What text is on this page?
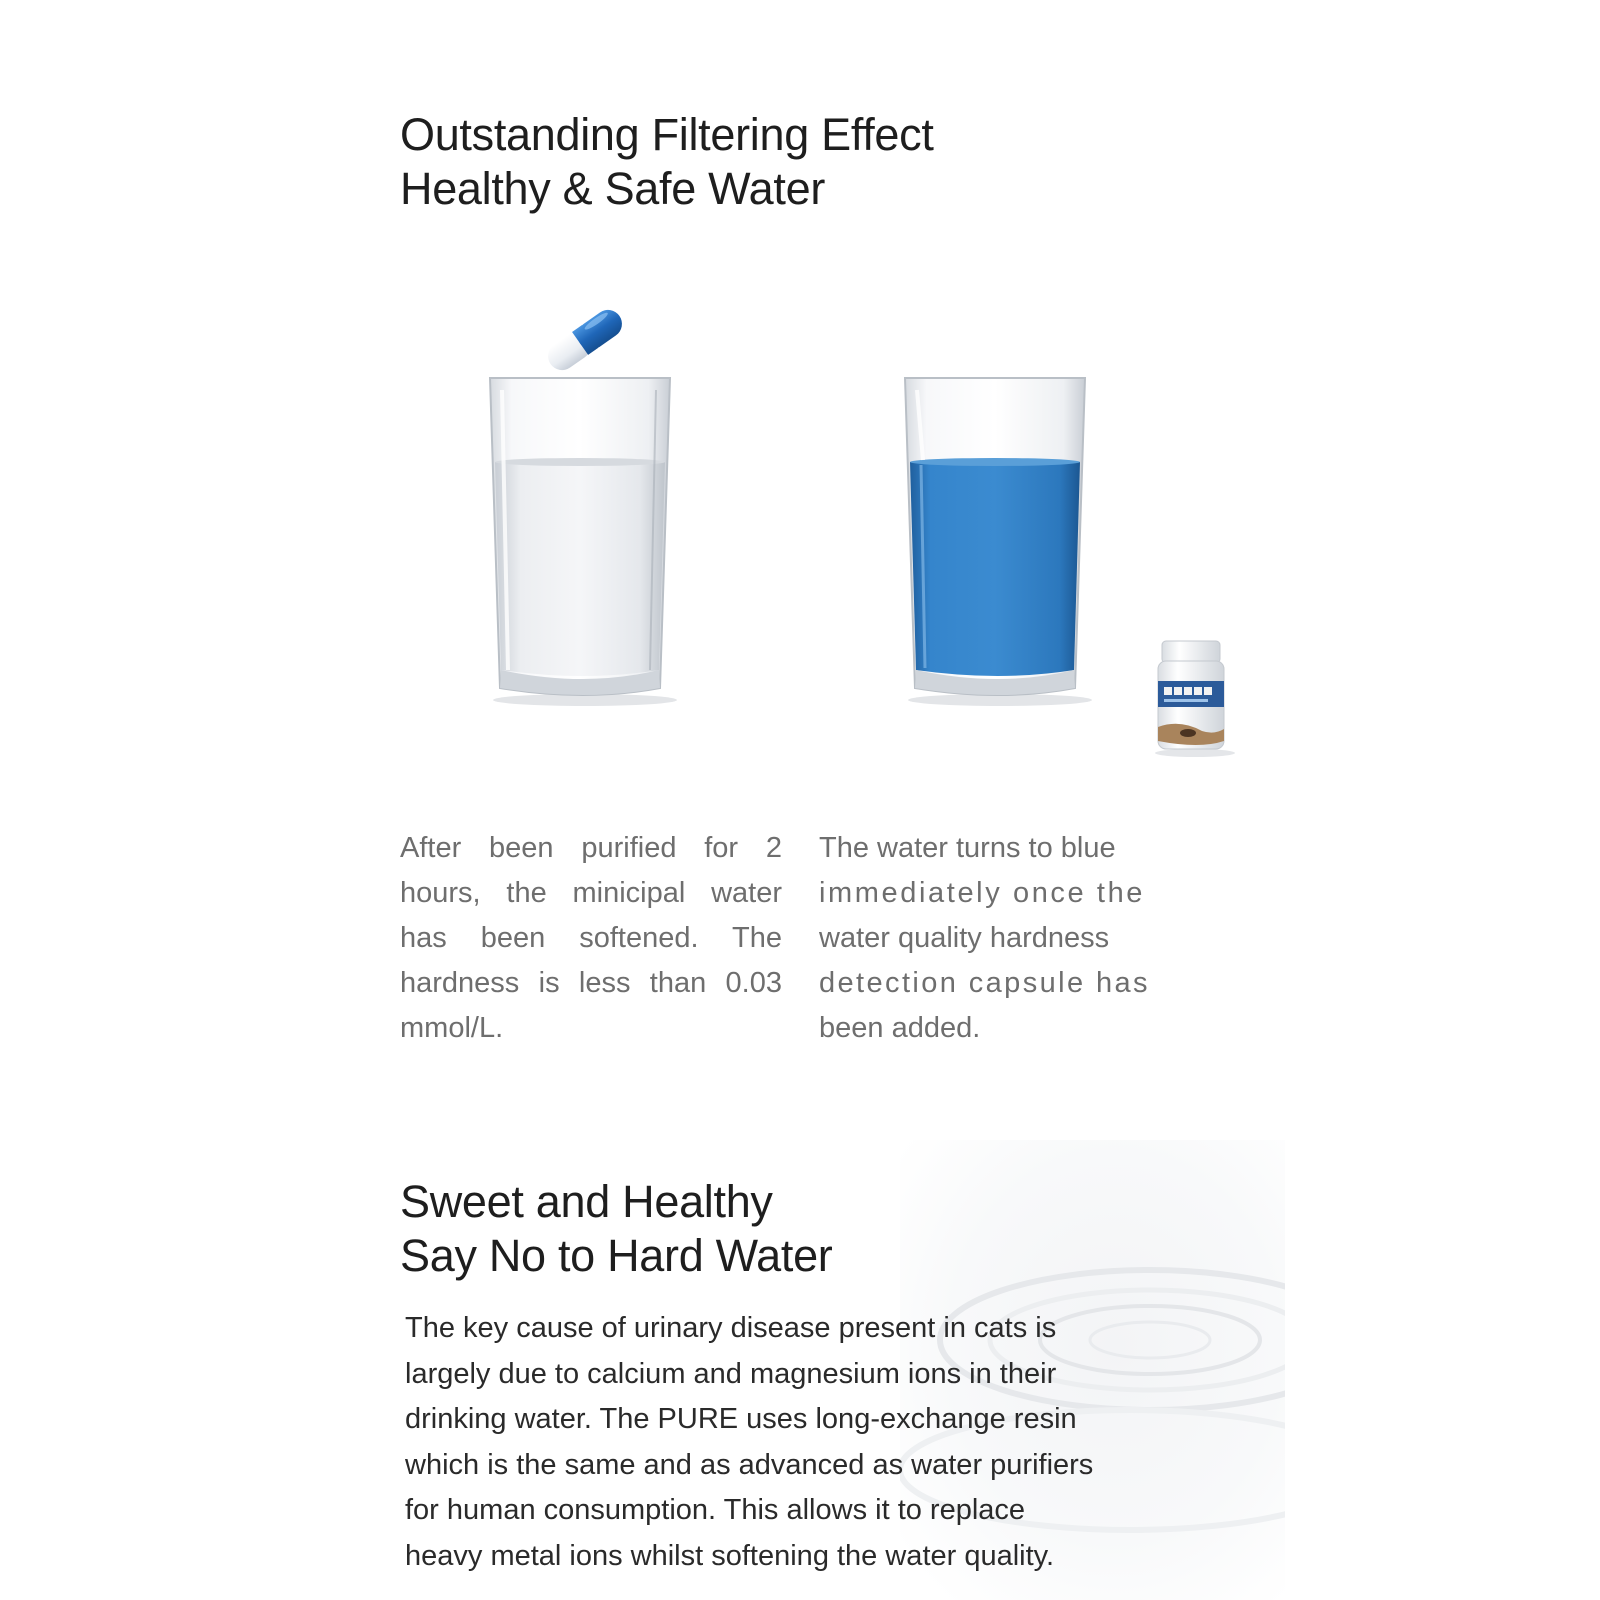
Outstanding Filtering Effect
Healthy & Safe Water

After been purified for 2 hours, the minicipal water has been softened. The hardness is less than 0.03 mmol/L.

The water turns to blue
immediately once the
water quality hardness
detection capsule has
been added.

Sweet and Healthy
Say No to Hard Water

The key cause of urinary disease present in cats is
largely due to calcium and magnesium ions in their
drinking water. The PURE uses long-exchange resin
which is the same and as advanced as water purifiers
for human consumption. This allows it to replace
heavy metal ions whilst softening the water quality.
